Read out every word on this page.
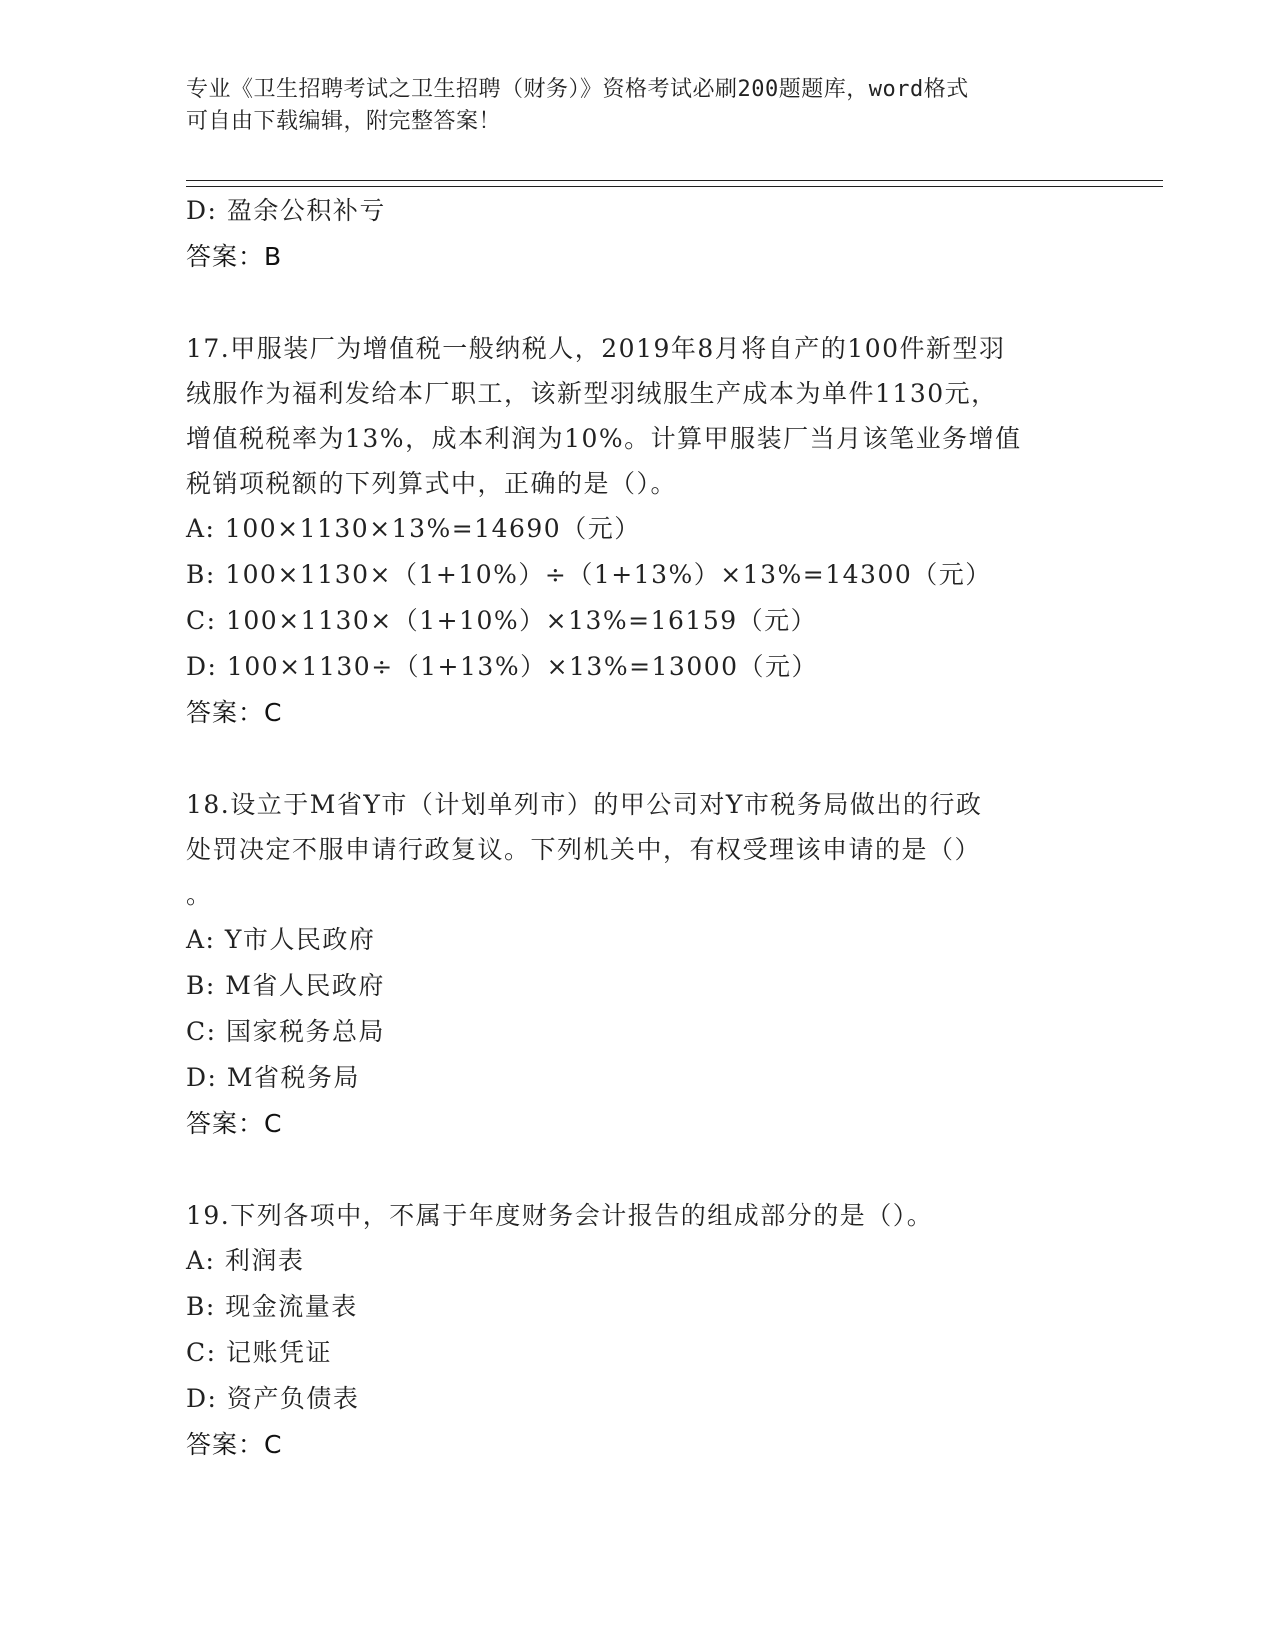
专业《卫生招聘考试之卫生招聘（财务）》资格考试必刷200题题库，word格式
可自由下载编辑，附完整答案！
D: 盈余公积补亏
答案：B
17.甲服装厂为增值税一般纳税人，2019年8月将自产的100件新型羽
绒服作为福利发给本厂职工，该新型羽绒服生产成本为单件1130元，
增值税税率为13%，成本利润为10%。计算甲服装厂当月该笔业务增值
税销项税额的下列算式中，正确的是（）。
A: 100×1130×13%=14690（元）
B: 100×1130×（1+10%）÷（1+13%）×13%=14300（元）
C: 100×1130×（1+10%）×13%=16159（元）
D: 100×1130÷（1+13%）×13%=13000（元）
答案：C
18.设立于M省Y市（计划单列市）的甲公司对Y市税务局做出的行政
处罚决定不服申请行政复议。下列机关中，有权受理该申请的是（）
。
A: Y市人民政府
B: M省人民政府
C: 国家税务总局
D: M省税务局
答案：C
19.下列各项中，不属于年度财务会计报告的组成部分的是（）。
A: 利润表
B: 现金流量表
C: 记账凭证
D: 资产负债表
答案：C
